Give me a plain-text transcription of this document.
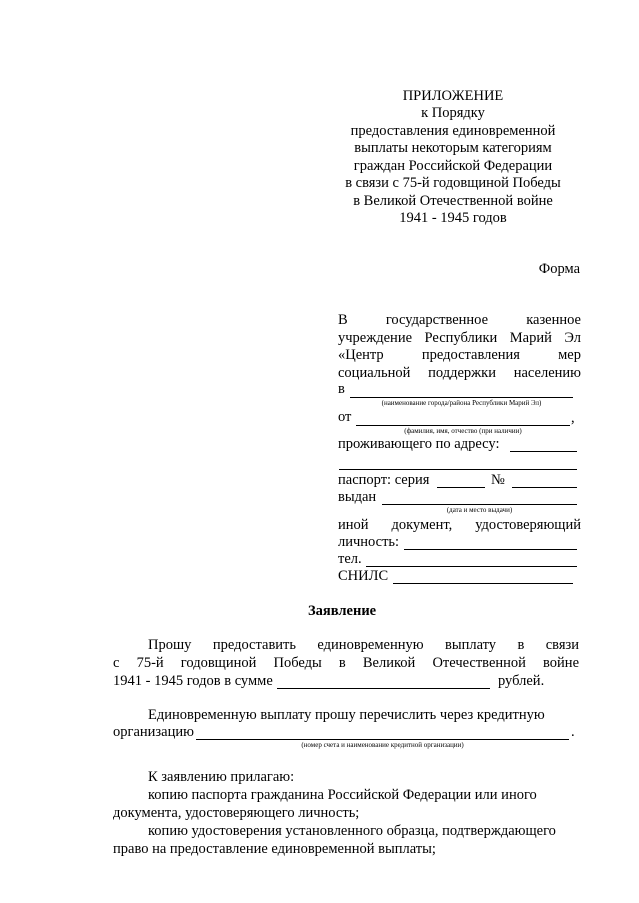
ПРИЛОЖЕНИЕ
к Порядку
предоставления единовременной
выплаты некоторым категориям
граждан Российской Федерации
в связи с 75-й годовщиной Победы
в Великой Отечественной войне
1941 - 1945 годов
Форма
В	государственное	казенное
учреждение Республики Марий Эл
«Центр	предоставления	мер
социальной поддержки населению
в
(наименование города/района Республики Марий Эл)
от	,
(фамилия, имя, отчество (при наличии)
проживающего по адресу:
паспорт: серия	№
выдан
(дата и место выдачи)
иной документ, удостоверяющий
личность:
тел.
СНИЛС
Заявление
Прошу предоставить единовременную выплату в связи
с 75-й годовщиной Победы в Великой Отечественной войне
1941 - 1945 годов в сумме	рублей.
Единовременную выплату прошу перечислить через кредитную
организацию	.
(номер счета и наименование кредитной организации)
К заявлению прилагаю:
копию паспорта гражданина Российской Федерации или иного
документа, удостоверяющего личность;
копию удостоверения установленного образца, подтверждающего
право на предоставление единовременной выплаты;
